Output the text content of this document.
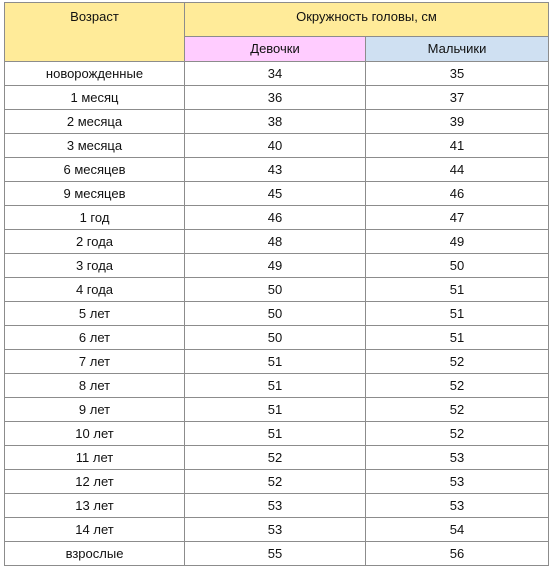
Возраст	Окружность головы, см	
	Девочки	Мальчики
новорожденные	34	35
1 месяц	36	37
2 месяца	38	39
3 месяца	40	41
6 месяцев	43	44
9 месяцев	45	46
1 год	46	47
2 года	48	49
3 года	49	50
4 года	50	51
5 лет	50	51
6 лет	50	51
7 лет	51	52
8 лет	51	52
9 лет	51	52
10 лет	51	52
11 лет	52	53
12 лет	52	53
13 лет	53	53
14 лет	53	54
взрослые	55	56
